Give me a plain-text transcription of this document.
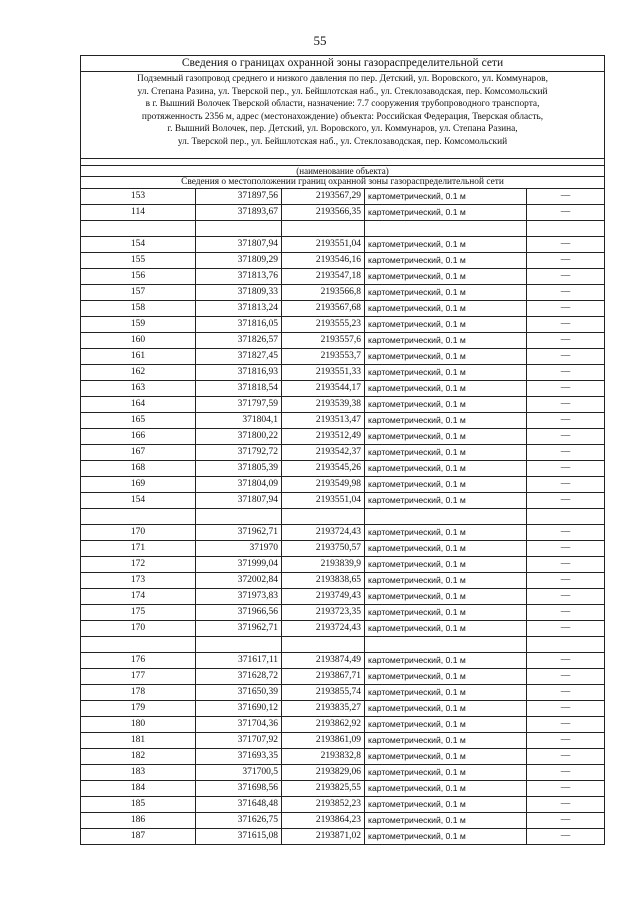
55
Сведения о границах охранной зоны газораспределительной сети
Подземный газопровод среднего и низкого давления по пер. Детский, ул. Воровского, ул. Коммунаров,
ул. Степана Разина, ул. Тверской пер., ул. Бейшлотская наб., ул. Стеклозаводская, пер. Комсомольский
в г. Вышний Волочек Тверской области, назначение: 7.7 сооружения трубопроводного транспорта,
протяженность 2356 м, адрес (местонахождение) объекта: Российская Федерация, Тверская область,
г. Вышний Волочек, пер. Детский, ул. Воровского, ул. Коммунаров, ул. Степана Разина,
ул. Тверской пер., ул. Бейшлотская наб., ул. Стеклозаводская, пер. Комсомольский
(наименование объекта)
Сведения о местоположении границ охранной зоны газораспределительной сети
153	371897,56	2193567,29	картометрический, 0.1 м	—
114	371893,67	2193566,35	картометрический, 0.1 м	—

154	371807,94	2193551,04	картометрический, 0.1 м	—
155	371809,29	2193546,16	картометрический, 0.1 м	—
156	371813,76	2193547,18	картометрический, 0.1 м	—
157	371809,33	2193566,8	картометрический, 0.1 м	—
158	371813,24	2193567,68	картометрический, 0.1 м	—
159	371816,05	2193555,23	картометрический, 0.1 м	—
160	371826,57	2193557,6	картометрический, 0.1 м	—
161	371827,45	2193553,7	картометрический, 0.1 м	—
162	371816,93	2193551,33	картометрический, 0.1 м	—
163	371818,54	2193544,17	картометрический, 0.1 м	—
164	371797,59	2193539,38	картометрический, 0.1 м	—
165	371804,1	2193513,47	картометрический, 0.1 м	—
166	371800,22	2193512,49	картометрический, 0.1 м	—
167	371792,72	2193542,37	картометрический, 0.1 м	—
168	371805,39	2193545,26	картометрический, 0.1 м	—
169	371804,09	2193549,98	картометрический, 0.1 м	—
154	371807,94	2193551,04	картометрический, 0.1 м	—

170	371962,71	2193724,43	картометрический, 0.1 м	—
171	371970	2193750,57	картометрический, 0.1 м	—
172	371999,04	2193839,9	картометрический, 0.1 м	—
173	372002,84	2193838,65	картометрический, 0.1 м	—
174	371973,83	2193749,43	картометрический, 0.1 м	—
175	371966,56	2193723,35	картометрический, 0.1 м	—
170	371962,71	2193724,43	картометрический, 0.1 м	—

176	371617,11	2193874,49	картометрический, 0.1 м	—
177	371628,72	2193867,71	картометрический, 0.1 м	—
178	371650,39	2193855,74	картометрический, 0.1 м	—
179	371690,12	2193835,27	картометрический, 0.1 м	—
180	371704,36	2193862,92	картометрический, 0.1 м	—
181	371707,92	2193861,09	картометрический, 0.1 м	—
182	371693,35	2193832,8	картометрический, 0.1 м	—
183	371700,5	2193829,06	картометрический, 0.1 м	—
184	371698,56	2193825,55	картометрический, 0.1 м	—
185	371648,48	2193852,23	картометрический, 0.1 м	—
186	371626,75	2193864,23	картометрический, 0.1 м	—
187	371615,08	2193871,02	картометрический, 0.1 м	—
